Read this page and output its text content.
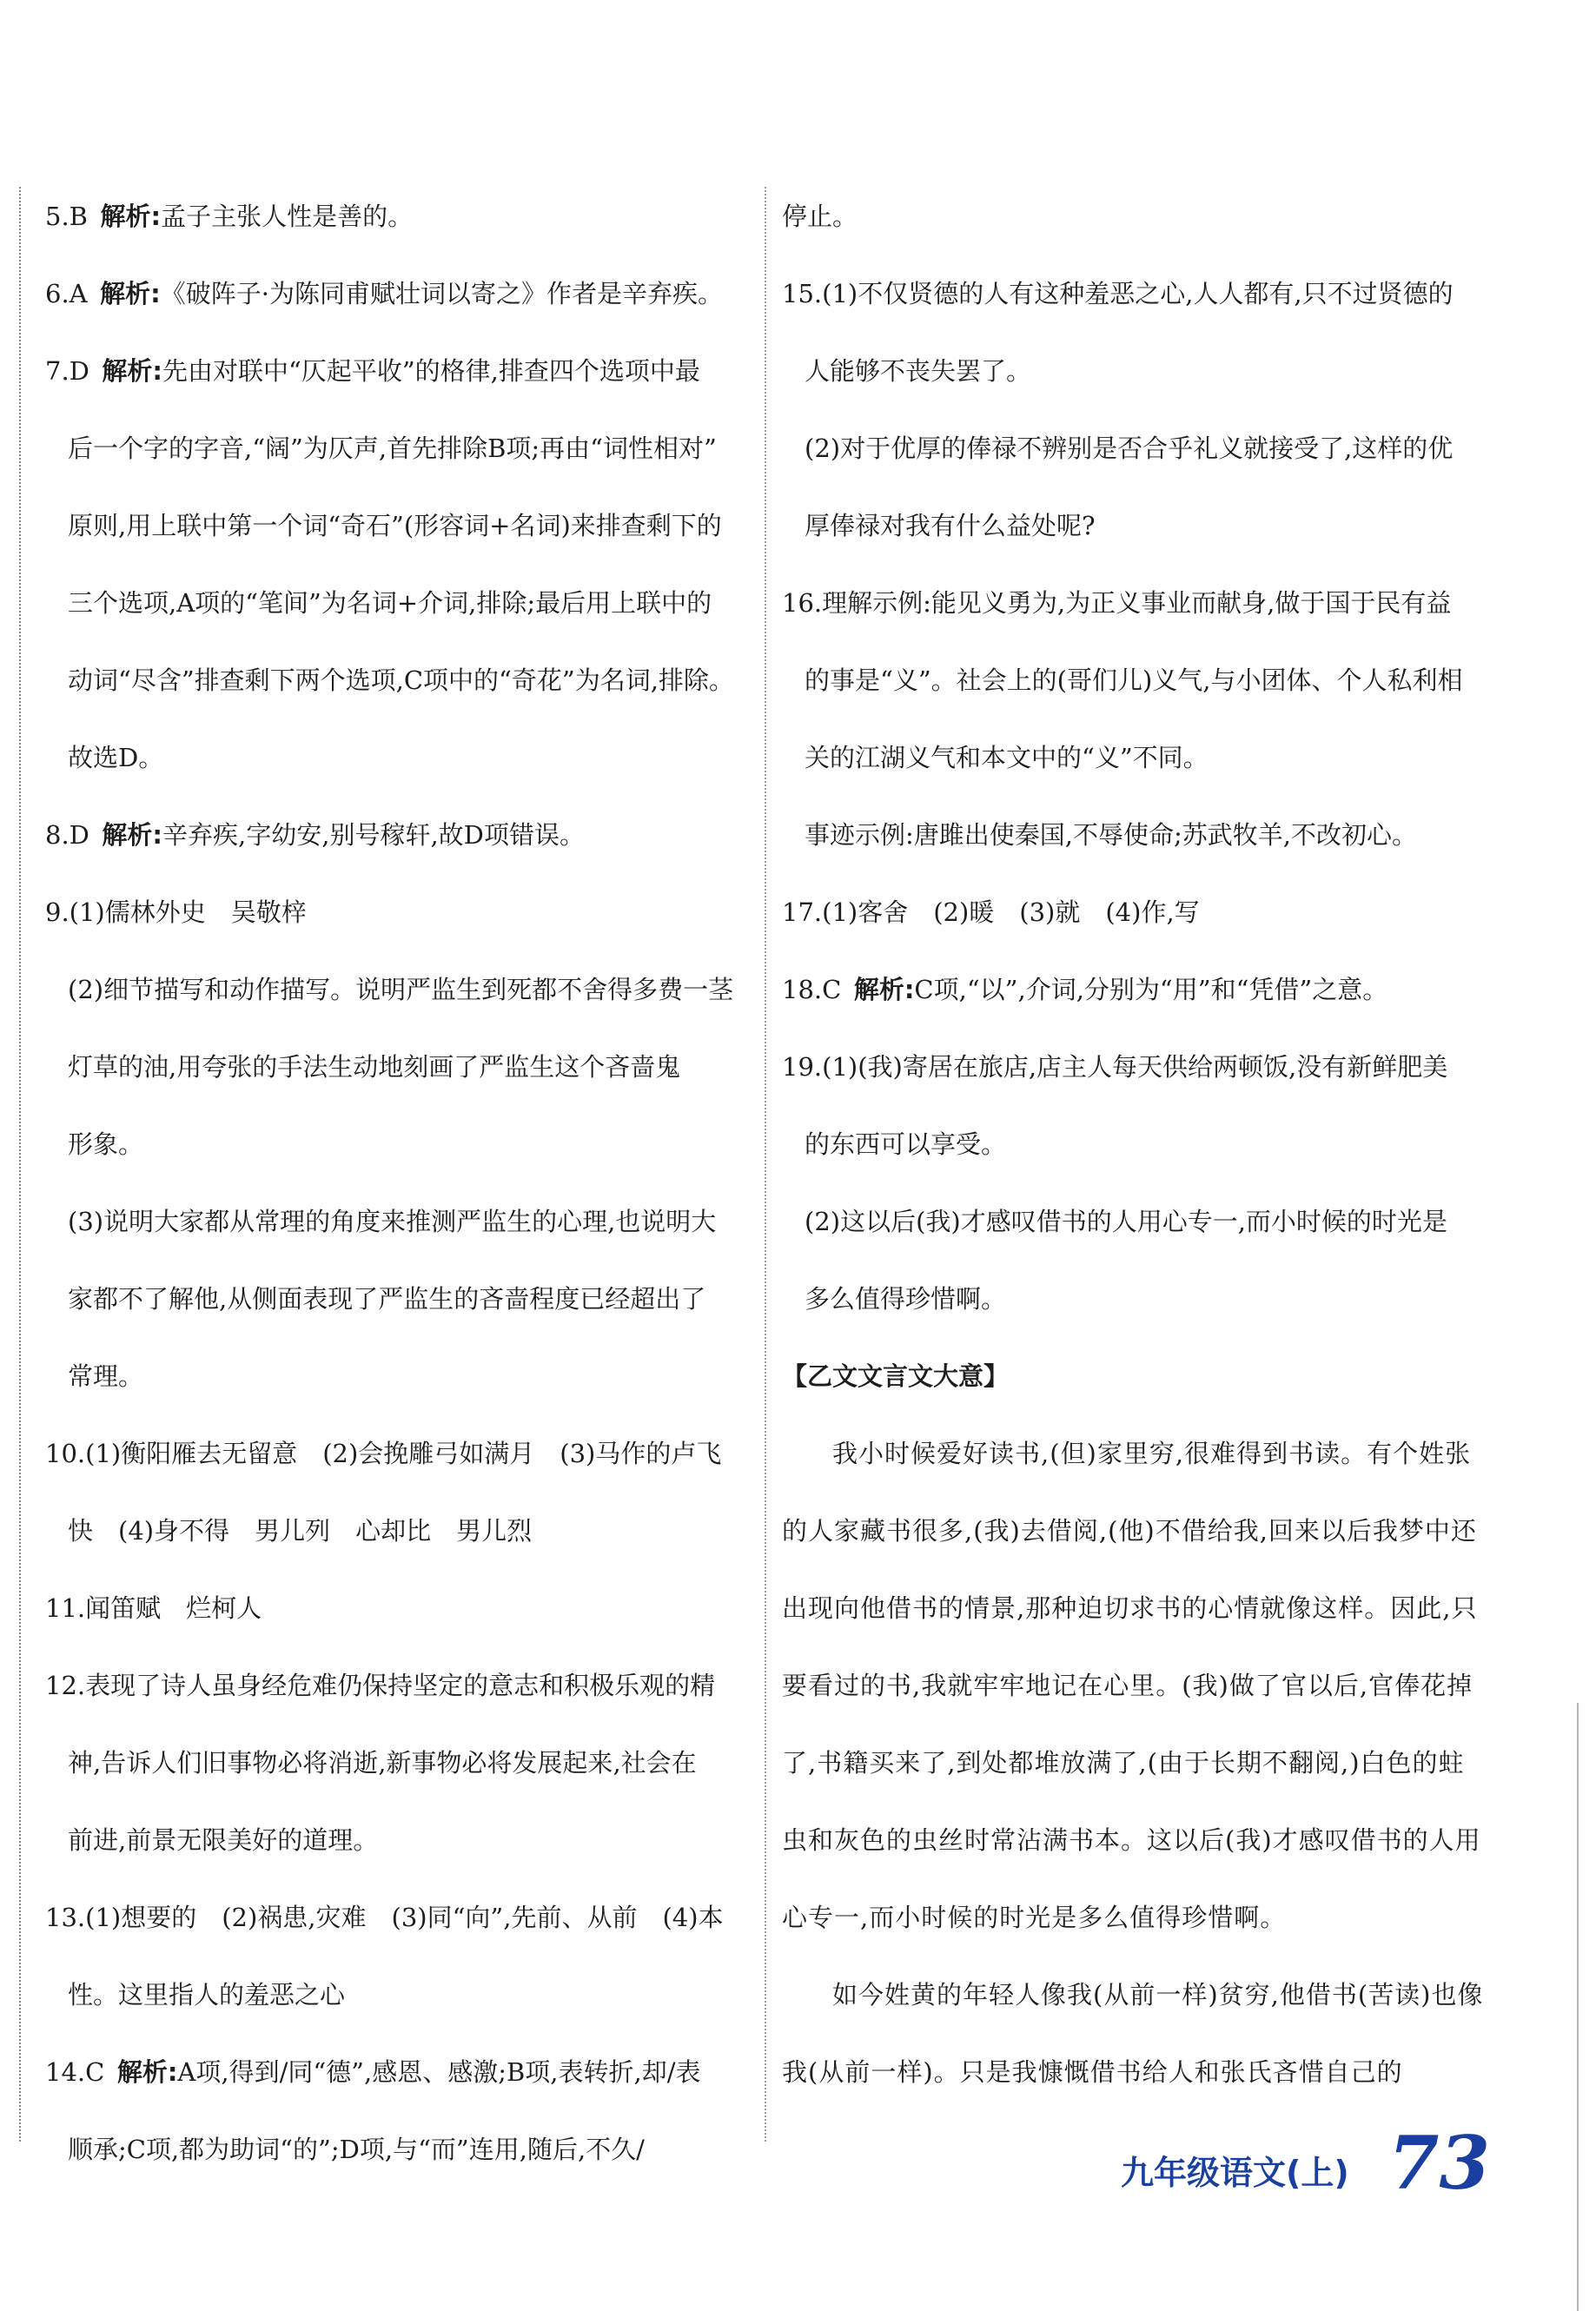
5.B  解析:孟子主张人性是善的。
6.A  解析:《破阵子·为陈同甫赋壮词以寄之》作者是辛弃疾。
7.D  解析:先由对联中“仄起平收”的格律,排查四个选项中最
后一个字的字音,“阔”为仄声,首先排除B项;再由“词性相对”
原则,用上联中第一个词“奇石”(形容词+名词)来排查剩下的
三个选项,A项的“笔间”为名词+介词,排除;最后用上联中的
动词“尽含”排查剩下两个选项,C项中的“奇花”为名词,排除。
故选D。
8.D  解析:辛弃疾,字幼安,别号稼轩,故D项错误。
9.(1)儒林外史　吴敬梓
(2)细节描写和动作描写。说明严监生到死都不舍得多费一茎
灯草的油,用夸张的手法生动地刻画了严监生这个吝啬鬼
形象。
(3)说明大家都从常理的角度来推测严监生的心理,也说明大
家都不了解他,从侧面表现了严监生的吝啬程度已经超出了
常理。
10.(1)衡阳雁去无留意　(2)会挽雕弓如满月　(3)马作的卢飞
快　(4)身不得　男儿列　心却比　男儿烈
11.闻笛赋　烂柯人
12.表现了诗人虽身经危难仍保持坚定的意志和积极乐观的精
神,告诉人们旧事物必将消逝,新事物必将发展起来,社会在
前进,前景无限美好的道理。
13.(1)想要的　(2)祸患,灾难　(3)同“向”,先前、从前　(4)本
性。这里指人的羞恶之心
14.C  解析:A项,得到/同“德”,感恩、感激;B项,表转折,却/表
顺承;C项,都为助词“的”;D项,与“而”连用,随后,不久/
停止。
15.(1)不仅贤德的人有这种羞恶之心,人人都有,只不过贤德的
人能够不丧失罢了。
(2)对于优厚的俸禄不辨别是否合乎礼义就接受了,这样的优
厚俸禄对我有什么益处呢?
16.理解示例:能见义勇为,为正义事业而献身,做于国于民有益
的事是“义”。社会上的(哥们儿)义气,与小团体、个人私利相
关的江湖义气和本文中的“义”不同。
事迹示例:唐雎出使秦国,不辱使命;苏武牧羊,不改初心。
17.(1)客舍　(2)暖　(3)就　(4)作,写
18.C  解析:C项,“以”,介词,分别为“用”和“凭借”之意。
19.(1)(我)寄居在旅店,店主人每天供给两顿饭,没有新鲜肥美
的东西可以享受。
(2)这以后(我)才感叹借书的人用心专一,而小时候的时光是
多么值得珍惜啊。

【乙文文言文大意】

我小时候爱好读书,(但)家里穷,很难得到书读。有个姓张的人家藏书很多,(我)去借阅,(他)不借给我,回来以后我梦中还出现向他借书的情景,那种迫切求书的心情就像这样。因此,只要看过的书,我就牢牢地记在心里。(我)做了官以后,官俸花掉了,书籍买来了,到处都堆放满了,(由于长期不翻阅,)白色的蛀虫和灰色的虫丝时常沾满书本。这以后(我)才感叹借书的人用心专一,而小时候的时光是多么值得珍惜啊。

如今姓黄的年轻人像我(从前一样)贫穷,他借书(苦读)也像我(从前一样)。只是我慷慨借书给人和张氏吝惜自己的

九年级语文(上) 73
